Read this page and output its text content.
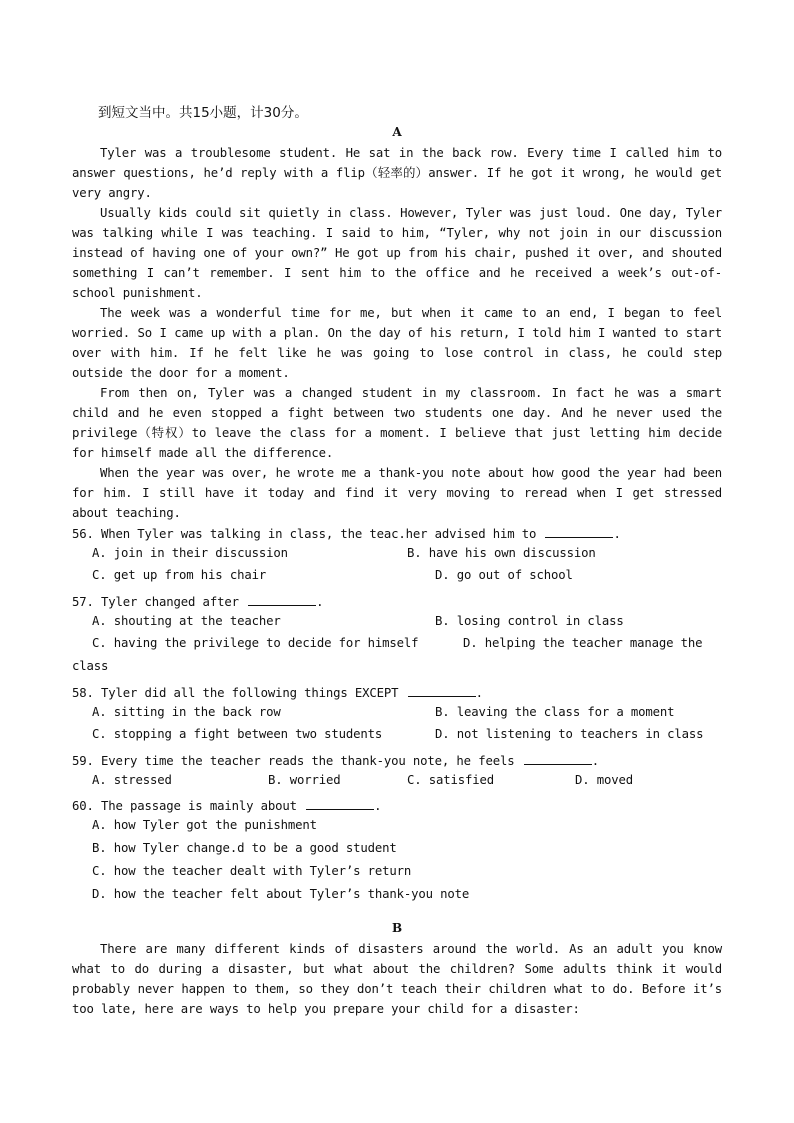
到短文当中。共15小题，计30分。
A

Tyler was a troublesome student. He sat in the back row. Every time I called him to answer questions, he’d reply with a flip（轻率的）answer. If he got it wrong, he would get very angry.

Usually kids could sit quietly in class. However, Tyler was just loud. One day, Tyler was talking while I was teaching. I said to him, “Tyler, why not join in our discussion instead of having one of your own?” He got up from his chair, pushed it over, and shouted something I can’t remember. I sent him to the office and he received a week’s out-of-school punishment.

The week was a wonderful time for me, but when it came to an end, I began to feel worried. So I came up with a plan. On the day of his return, I told him I wanted to start over with him. If he felt like he was going to lose control in class, he could step outside the door for a moment.

From then on, Tyler was a changed student in my classroom. In fact he was a smart child and he even stopped a fight between two students one day. And he never used the privilege（特权）to leave the class for a moment. I believe that just letting him decide for himself made all the difference.

When the year was over, he wrote me a thank-you note about how good the year had been for him. I still have it today and find it very moving to reread when I get stressed about teaching.

56. When Tyler was talking in class, the teac.her advised him to	.
A. join in their discussion	B. have his own discussion
C. get up from his chair	D. go out of school
57. Tyler changed after	.
A. shouting at the teacher	B. losing control in class
C. having the privilege to decide for himself	D. helping the teacher manage the
class
58. Tyler did all the following things EXCEPT	.
A. sitting in the back row	B. leaving the class for a moment
C. stopping a fight between two students	D. not listening to teachers in class
59. Every time the teacher reads the thank-you note, he feels	.
A. stressed	B. worried	C. satisfied	D. moved
60. The passage is mainly about	.
A. how Tyler got the punishment
B. how Tyler change.d to be a good student
C. how the teacher dealt with Tyler’s return
D. how the teacher felt about Tyler’s thank-you note
B

There are many different kinds of disasters around the world. As an adult you know what to do during a disaster, but what about the children? Some adults think it would probably never happen to them, so they don’t teach their children what to do. Before it’s too late, here are ways to help you prepare your child for a disaster:
